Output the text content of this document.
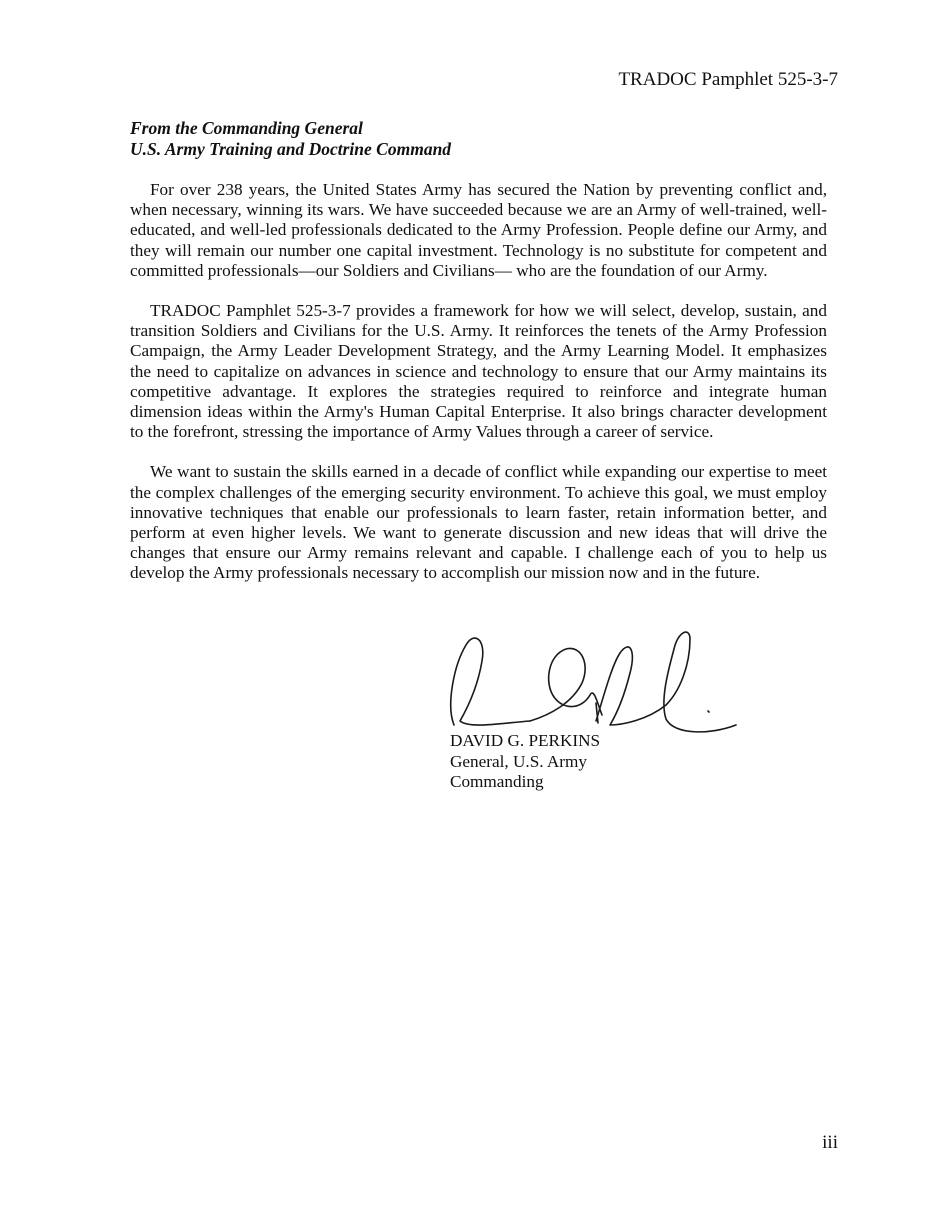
TRADOC Pamphlet 525-3-7
From the Commanding General
U.S. Army Training and Doctrine Command

For over 238 years, the United States Army has secured the Nation by preventing conflict and, when necessary, winning its wars. We have succeeded because we are an Army of well-trained, well-educated, and well-led professionals dedicated to the Army Profession. People define our Army, and they will remain our number one capital investment. Technology is no substitute for competent and committed professionals—our Soldiers and Civilians— who are the foundation of our Army.

TRADOC Pamphlet 525-3-7 provides a framework for how we will select, develop, sustain, and transition Soldiers and Civilians for the U.S. Army. It reinforces the tenets of the Army Profession Campaign, the Army Leader Development Strategy, and the Army Learning Model. It emphasizes the need to capitalize on advances in science and technology to ensure that our Army maintains its competitive advantage. It explores the strategies required to reinforce and integrate human dimension ideas within the Army's Human Capital Enterprise. It also brings character development to the forefront, stressing the importance of Army Values through a career of service.

We want to sustain the skills earned in a decade of conflict while expanding our expertise to meet the complex challenges of the emerging security environment. To achieve this goal, we must employ innovative techniques that enable our professionals to learn faster, retain information better, and perform at even higher levels. We want to generate discussion and new ideas that will drive the changes that ensure our Army remains relevant and capable. I challenge each of you to help us develop the Army professionals necessary to accomplish our mission now and in the future.

DAVID G. PERKINS
General, U.S. Army
Commanding
iii
